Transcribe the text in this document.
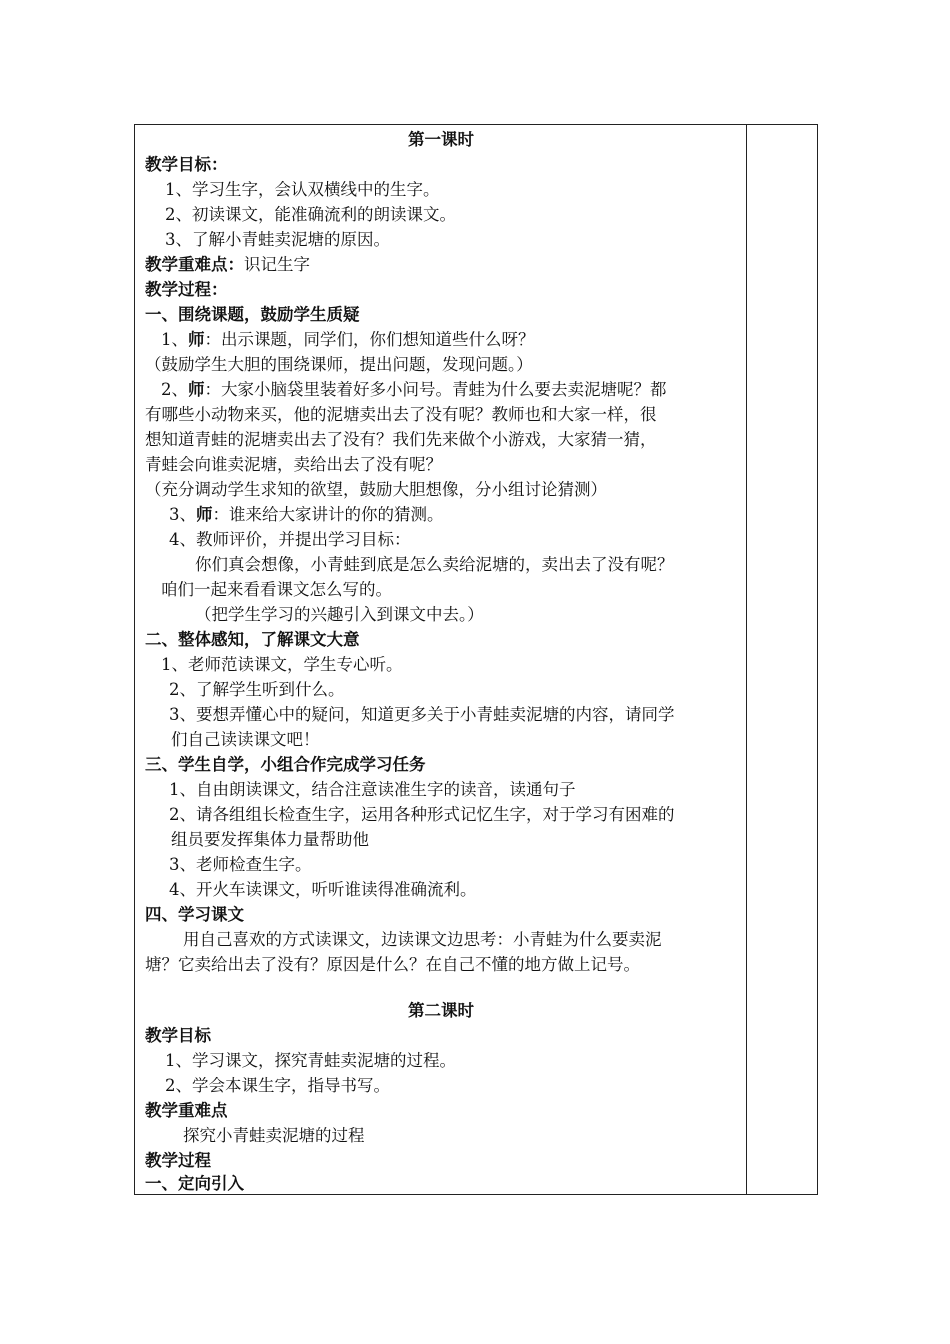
第一课时
教学目标：
1、学习生字，会认双横线中的生字。
2、初读课文，能准确流利的朗读课文。
3、了解小青蛙卖泥塘的原因。
教学重难点：识记生字
教学过程：
一、围绕课题，鼓励学生质疑
1、师：出示课题，同学们，你们想知道些什么呀？
（鼓励学生大胆的围绕课师，提出问题，发现问题。）
2、师：大家小脑袋里装着好多小问号。青蛙为什么要去卖泥塘呢？都
有哪些小动物来买，他的泥塘卖出去了没有呢？教师也和大家一样，很
想知道青蛙的泥塘卖出去了没有？我们先来做个小游戏，大家猜一猜，
青蛙会向谁卖泥塘，卖给出去了没有呢？
（充分调动学生求知的欲望，鼓励大胆想像，分小组讨论猜测）
3、师：谁来给大家讲计的你的猜测。
4、教师评价，并提出学习目标：
你们真会想像，小青蛙到底是怎么卖给泥塘的，卖出去了没有呢？
咱们一起来看看课文怎么写的。
（把学生学习的兴趣引入到课文中去。）
二、整体感知，了解课文大意
1、老师范读课文，学生专心听。
2、了解学生听到什么。
3、要想弄懂心中的疑问，知道更多关于小青蛙卖泥塘的内容，请同学
们自己读读课文吧！
三、学生自学，小组合作完成学习任务
1、自由朗读课文，结合注意读准生字的读音，读通句子
2、请各组组长检查生字，运用各种形式记忆生字，对于学习有困难的
组员要发挥集体力量帮助他
3、老师检查生字。
4、开火车读课文，听听谁读得准确流利。
四、学习课文
用自己喜欢的方式读课文，边读课文边思考：小青蛙为什么要卖泥
塘？它卖给出去了没有？原因是什么？在自己不懂的地方做上记号。
第二课时
教学目标
1、学习课文，探究青蛙卖泥塘的过程。
2、学会本课生字，指导书写。
教学重难点
探究小青蛙卖泥塘的过程
教学过程
一、定向引入
